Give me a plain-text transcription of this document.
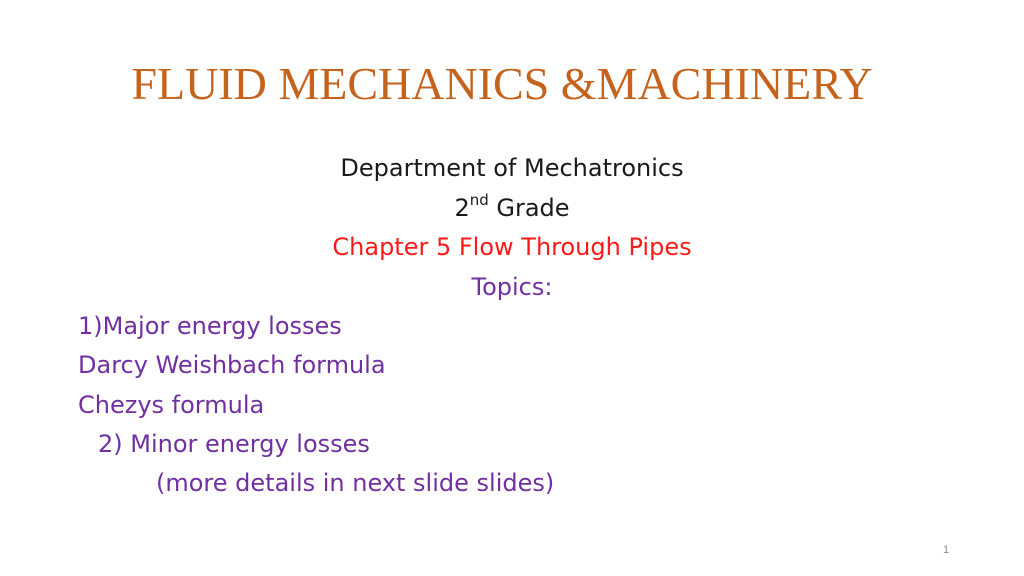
FLUID MECHANICS &MACHINERY
Department of Mechatronics
2nd Grade
Chapter 5 Flow Through Pipes
Topics:
1)Major energy losses
Darcy Weishbach formula
Chezys formula
2) Minor energy losses
(more details in next slide slides)
1
